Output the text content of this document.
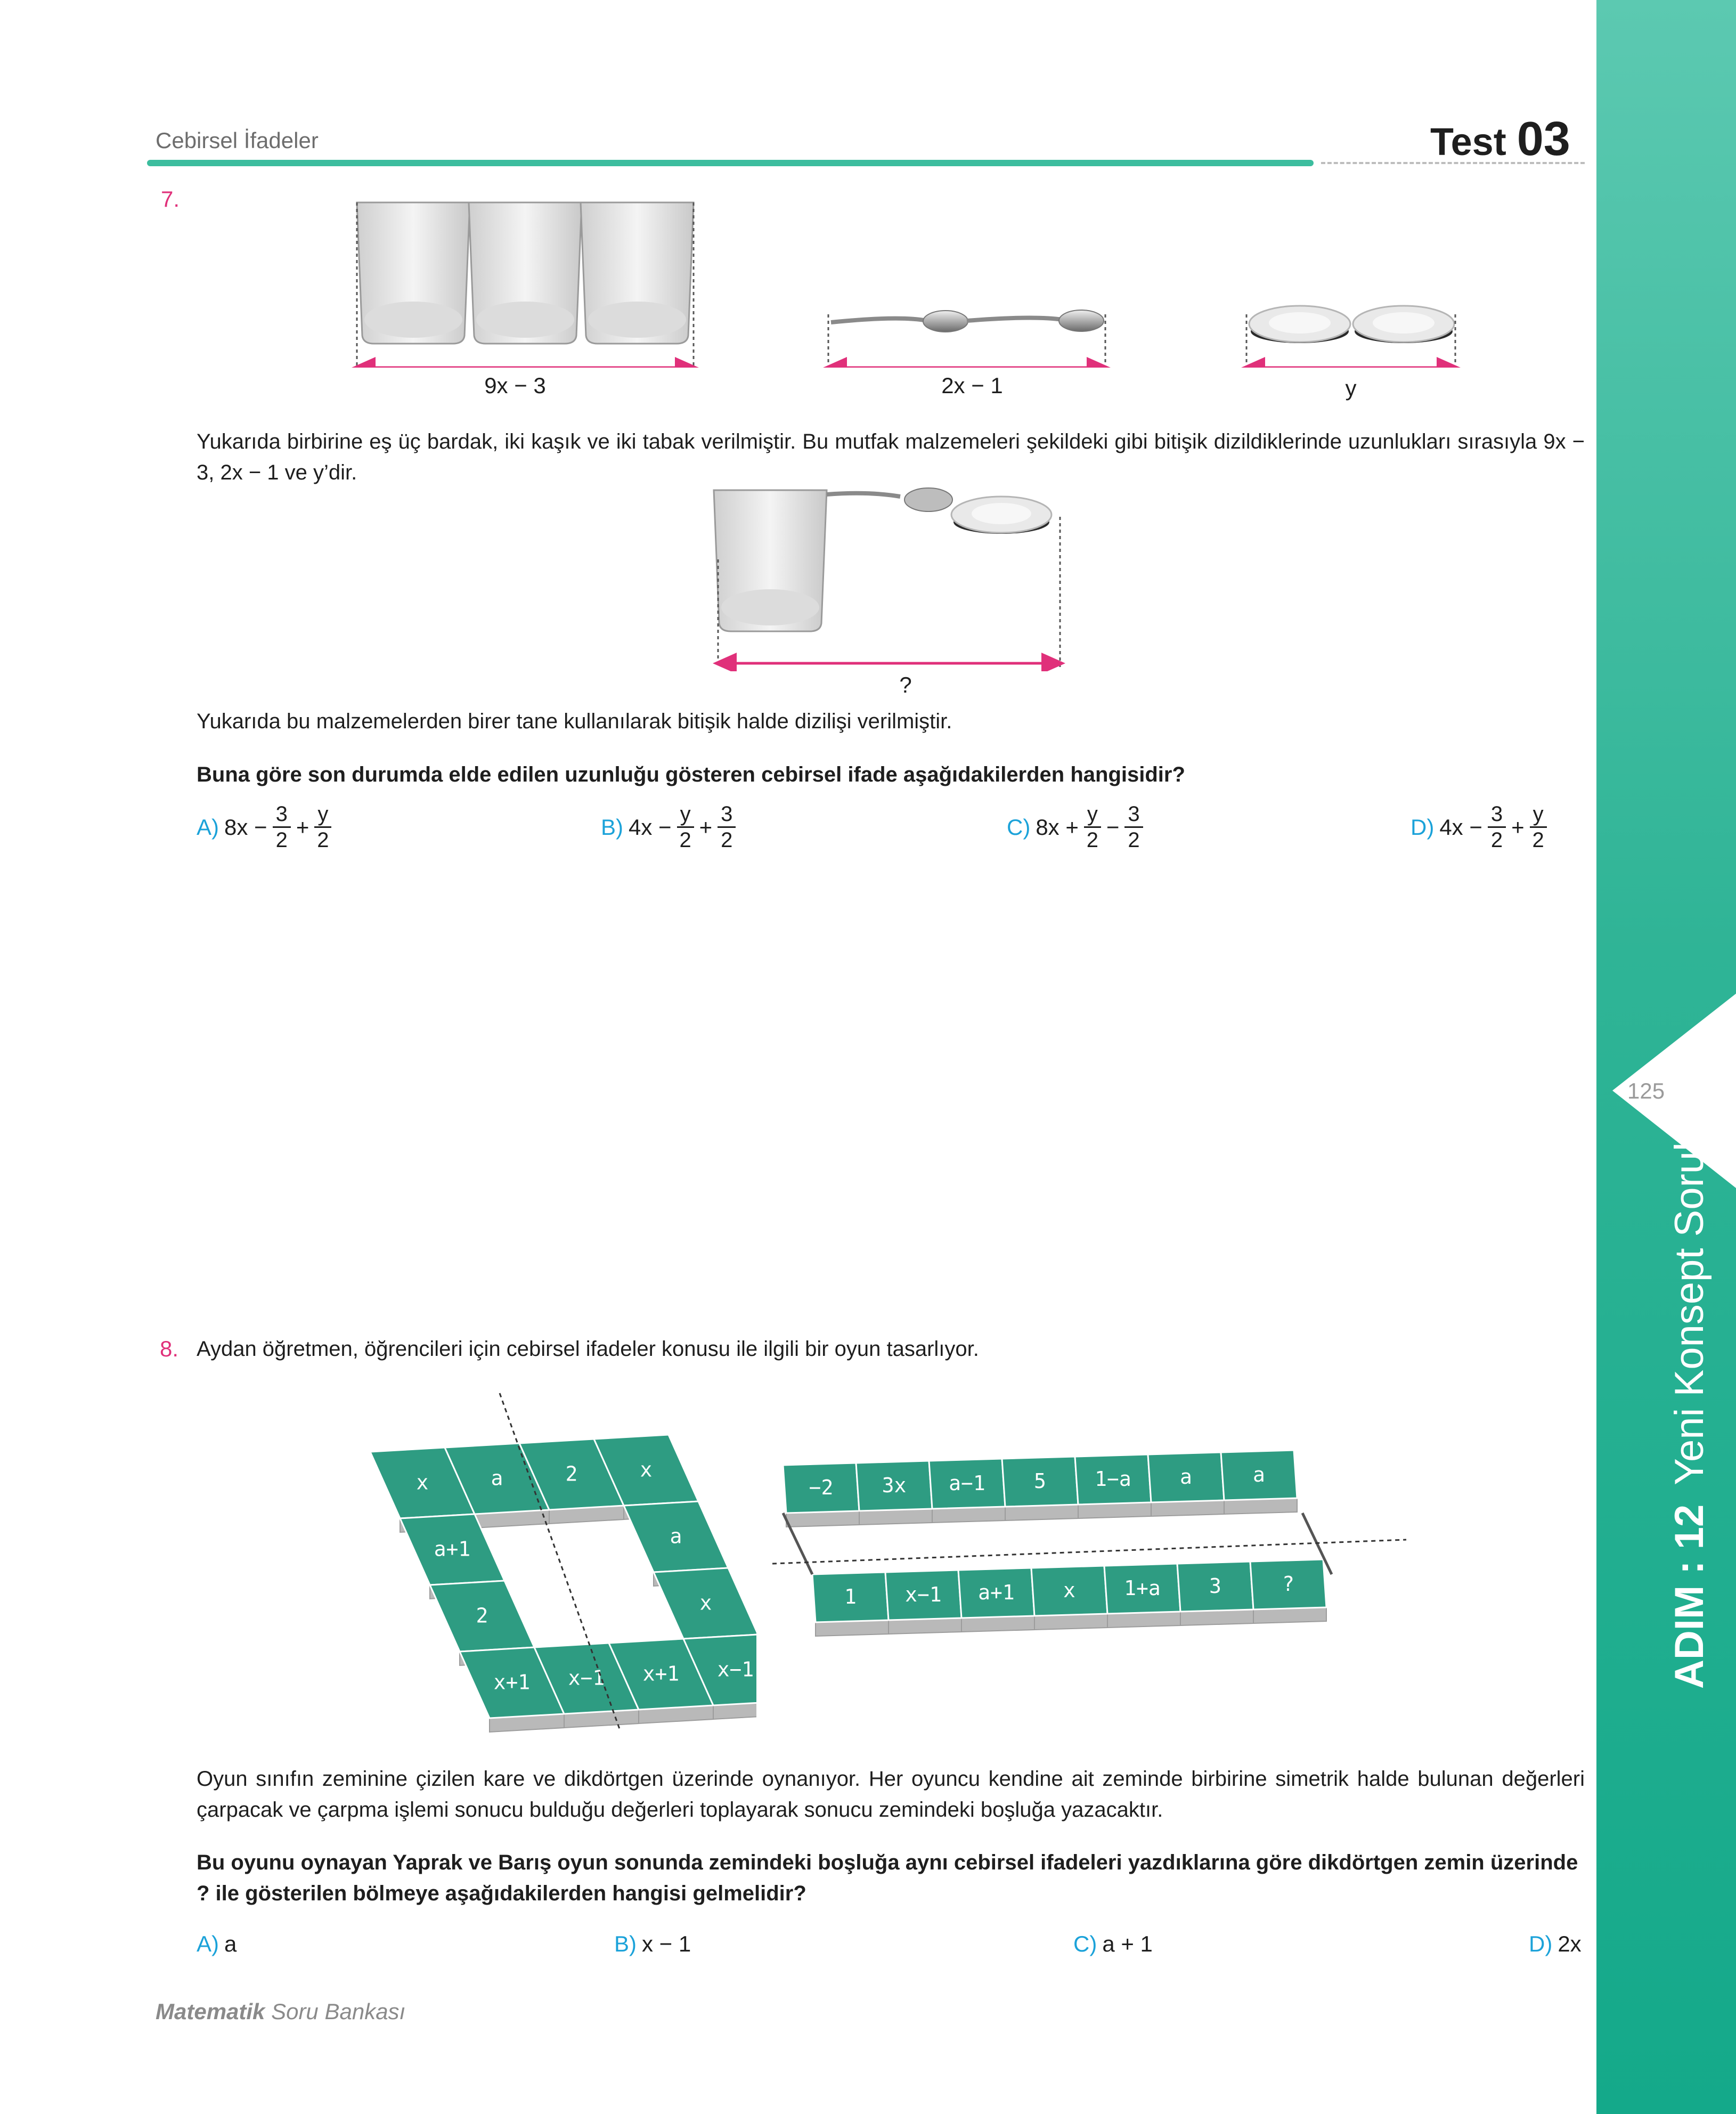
125
ADIM : 12Yeni Konsept Sorular
Cebirsel İfadeler	Test 03
7.
9x − 3	2x − 1	y
Yukarıda birbirine eş üç bardak, iki kaşık ve iki tabak verilmiştir. Bu mutfak malzemeleri şekildeki gibi bitişik dizildiklerinde uzunlukları sırasıyla 9x − 3, 2x − 1 ve y’dir.
?
Yukarıda bu malzemelerden birer tane kullanılarak bitişik halde dizilişi verilmiştir.
Buna göre son durumda elde edilen uzunluğu gösteren cebirsel ifade aşağıdakilerden hangisidir?
A) $8x - \frac{3}{2} + \frac{y}{2}$	B) $4x - \frac{y}{2} + \frac{3}{2}$	C) $8x + \frac{y}{2} - \frac{3}{2}$	D) $4x - \frac{3}{2} + \frac{y}{2}$
8. Aydan öğretmen, öğrencileri için cebirsel ifadeler konusu ile ilgili bir oyun tasarlıyor.
x	a	2	x
a+1
a
2
x
x+1 x−1 x+1 x−1
−2 3x a−1 5 1−a a	a
1 x−1 a+1 x 1+a 3	?
Oyun sınıfın zeminine çizilen kare ve dikdörtgen üzerinde oynanıyor. Her oyuncu kendine ait zeminde birbirine simetrik halde bulunan değerleri çarpacak ve çarpma işlemi sonucu bulduğu değerleri toplayarak sonucu zemindeki boşluğa yazacaktır.
Bu oyunu oynayan Yaprak ve Barış oyun sonunda zemindeki boşluğa aynı cebirsel ifadeleri yazdıklarına göre dikdörtgen zemin üzerinde ? ile gösterilen bölmeye aşağıdakilerden hangisi gelmelidir?
A) a	B) x − 1	C) a + 1	D) 2x
Matematik Soru Bankası
